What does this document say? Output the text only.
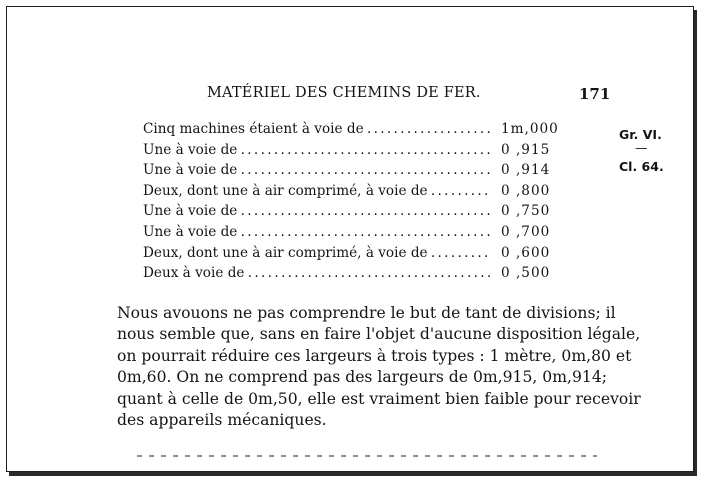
MATÉRIEL DES CHEMINS DE FER.	171
Cinq machines étaient à voie de . . .	1m,000
Une à voie de . . .	0 ,915
Une à voie de . . .	0 ,914
Deux, dont une à air comprimé, à voie de . . .	0 ,800
Une à voie de . . .	0 ,750
Une à voie de . . .	0 ,700
Deux, dont une à air comprimé, à voie de . . .	0 ,600
Deux à voie de . . .	0 ,500
Gr. VI.
—
Cl. 64.
Nous avouons ne pas comprendre le but de tant de divisions; il
nous semble que, sans en faire l'objet d'aucune disposition légale,
on pourrait réduire ces largeurs à trois types : 1 mètre, 0m,80 et
0m,60. On ne comprend pas des largeurs de 0m,915, 0m,914;
quant à celle de 0m,50, elle est vraiment bien faible pour recevoir
des appareils mécaniques.
